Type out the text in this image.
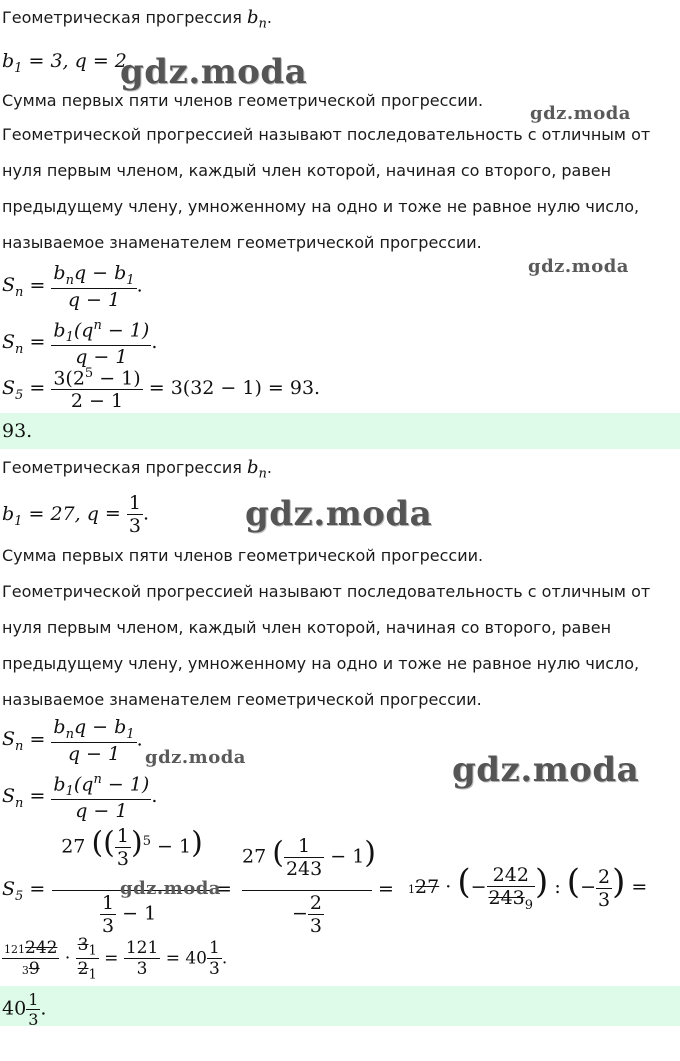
Геометрическая прогрессия $b_n$.
$b_1 = 3$, q = 2.
Сумма первых пяти членов геометрической прогрессии.
Геометрической прогрессией называют последовательность с отличным от
нуля первым членом, каждый член которой, начиная со второго, равен
предыдущему члену, умноженному на одно и тоже не равное нулю число,
называемое знаменателем геометрической прогрессии.
$S_n = \frac{b_nq - b_1}{q - 1}$ .
$S_n = \frac{b_1(q^n - 1)}{q - 1}$ .
$S_5 = \frac{3(2^5 - 1)}{2 - 1} = 3(32 - 1) = 93$.
93.
Геометрическая прогрессия $b_n$.
$b_1 = 27$, $q = \frac{1}{3}$ .
Сумма первых пяти членов геометрической прогрессии.
Геометрической прогрессией называют последовательность с отличным от
нуля первым членом, каждый член которой, начиная со второго, равен
предыдущему члену, умноженному на одно и тоже не равное нулю число,
называемое знаменателем геометрической прогрессии.
$S_n = \frac{b_nq - b_1}{q - 1}$ .
$S_n = \frac{b_1(q^n - 1)}{q - 1}$ .
$S_5$ =
27 (( $\frac{1}{3} )^5 - 1$)
$\frac{1}{3} - 1$
=
27 ( $\frac{1}{243} - 1$)
− $\frac{2}{3}$
= 127 · (− $\frac{242}{243_9}$ ) : (− $\frac{2}{3}$ ) =
$\frac{121242}{39} \cdot \frac{3_1}{2_1} = \frac{121}{3} = 40 \frac{1}{3}$ .
$40 \frac{1}{3}$ .
gdz.moda
gdz.moda
gdz.moda
gdz.moda
gdz.moda	gdz.moda
gdz.moda
